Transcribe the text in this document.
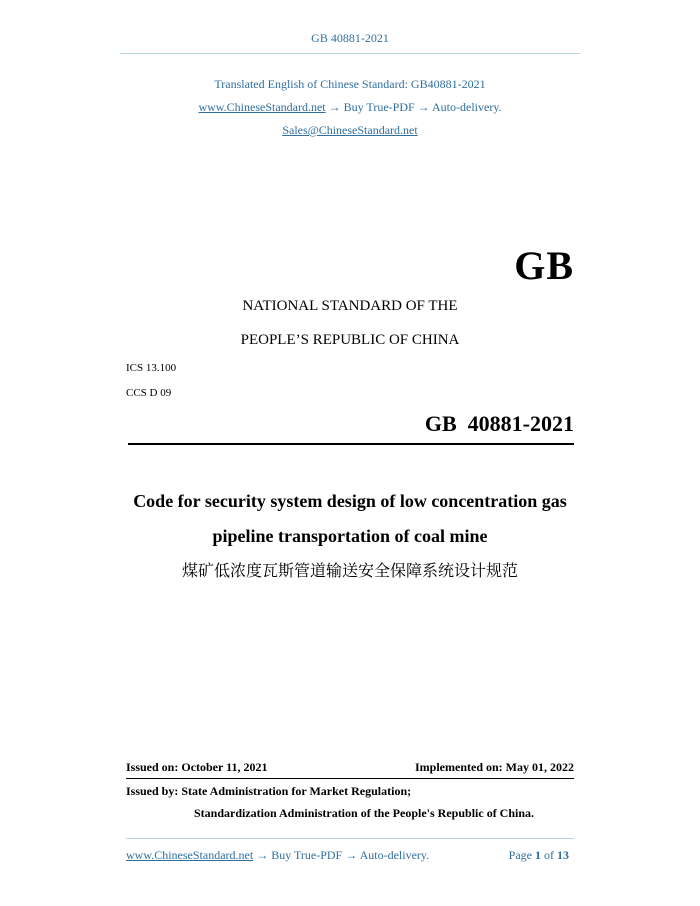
GB 40881-2021
Translated English of Chinese Standard: GB40881-2021
www.ChineseStandard.net → Buy True-PDF → Auto-delivery.
Sales@ChineseStandard.net
GB
NATIONAL STANDARD OF THE
PEOPLE’S REPUBLIC OF CHINA
ICS 13.100
CCS D 09
GB  40881-2021
Code for security system design of low concentration gas
pipeline transportation of coal mine
煤矿低浓度瓦斯管道输送安全保障系统设计规范
Issued on: October 11, 2021	Implemented on: May 01, 2022
Issued by: State Administration for Market Regulation;
Standardization Administration of the People's Republic of China.
www.ChineseStandard.net → Buy True-PDF → Auto-delivery.	Page 1 of 13
